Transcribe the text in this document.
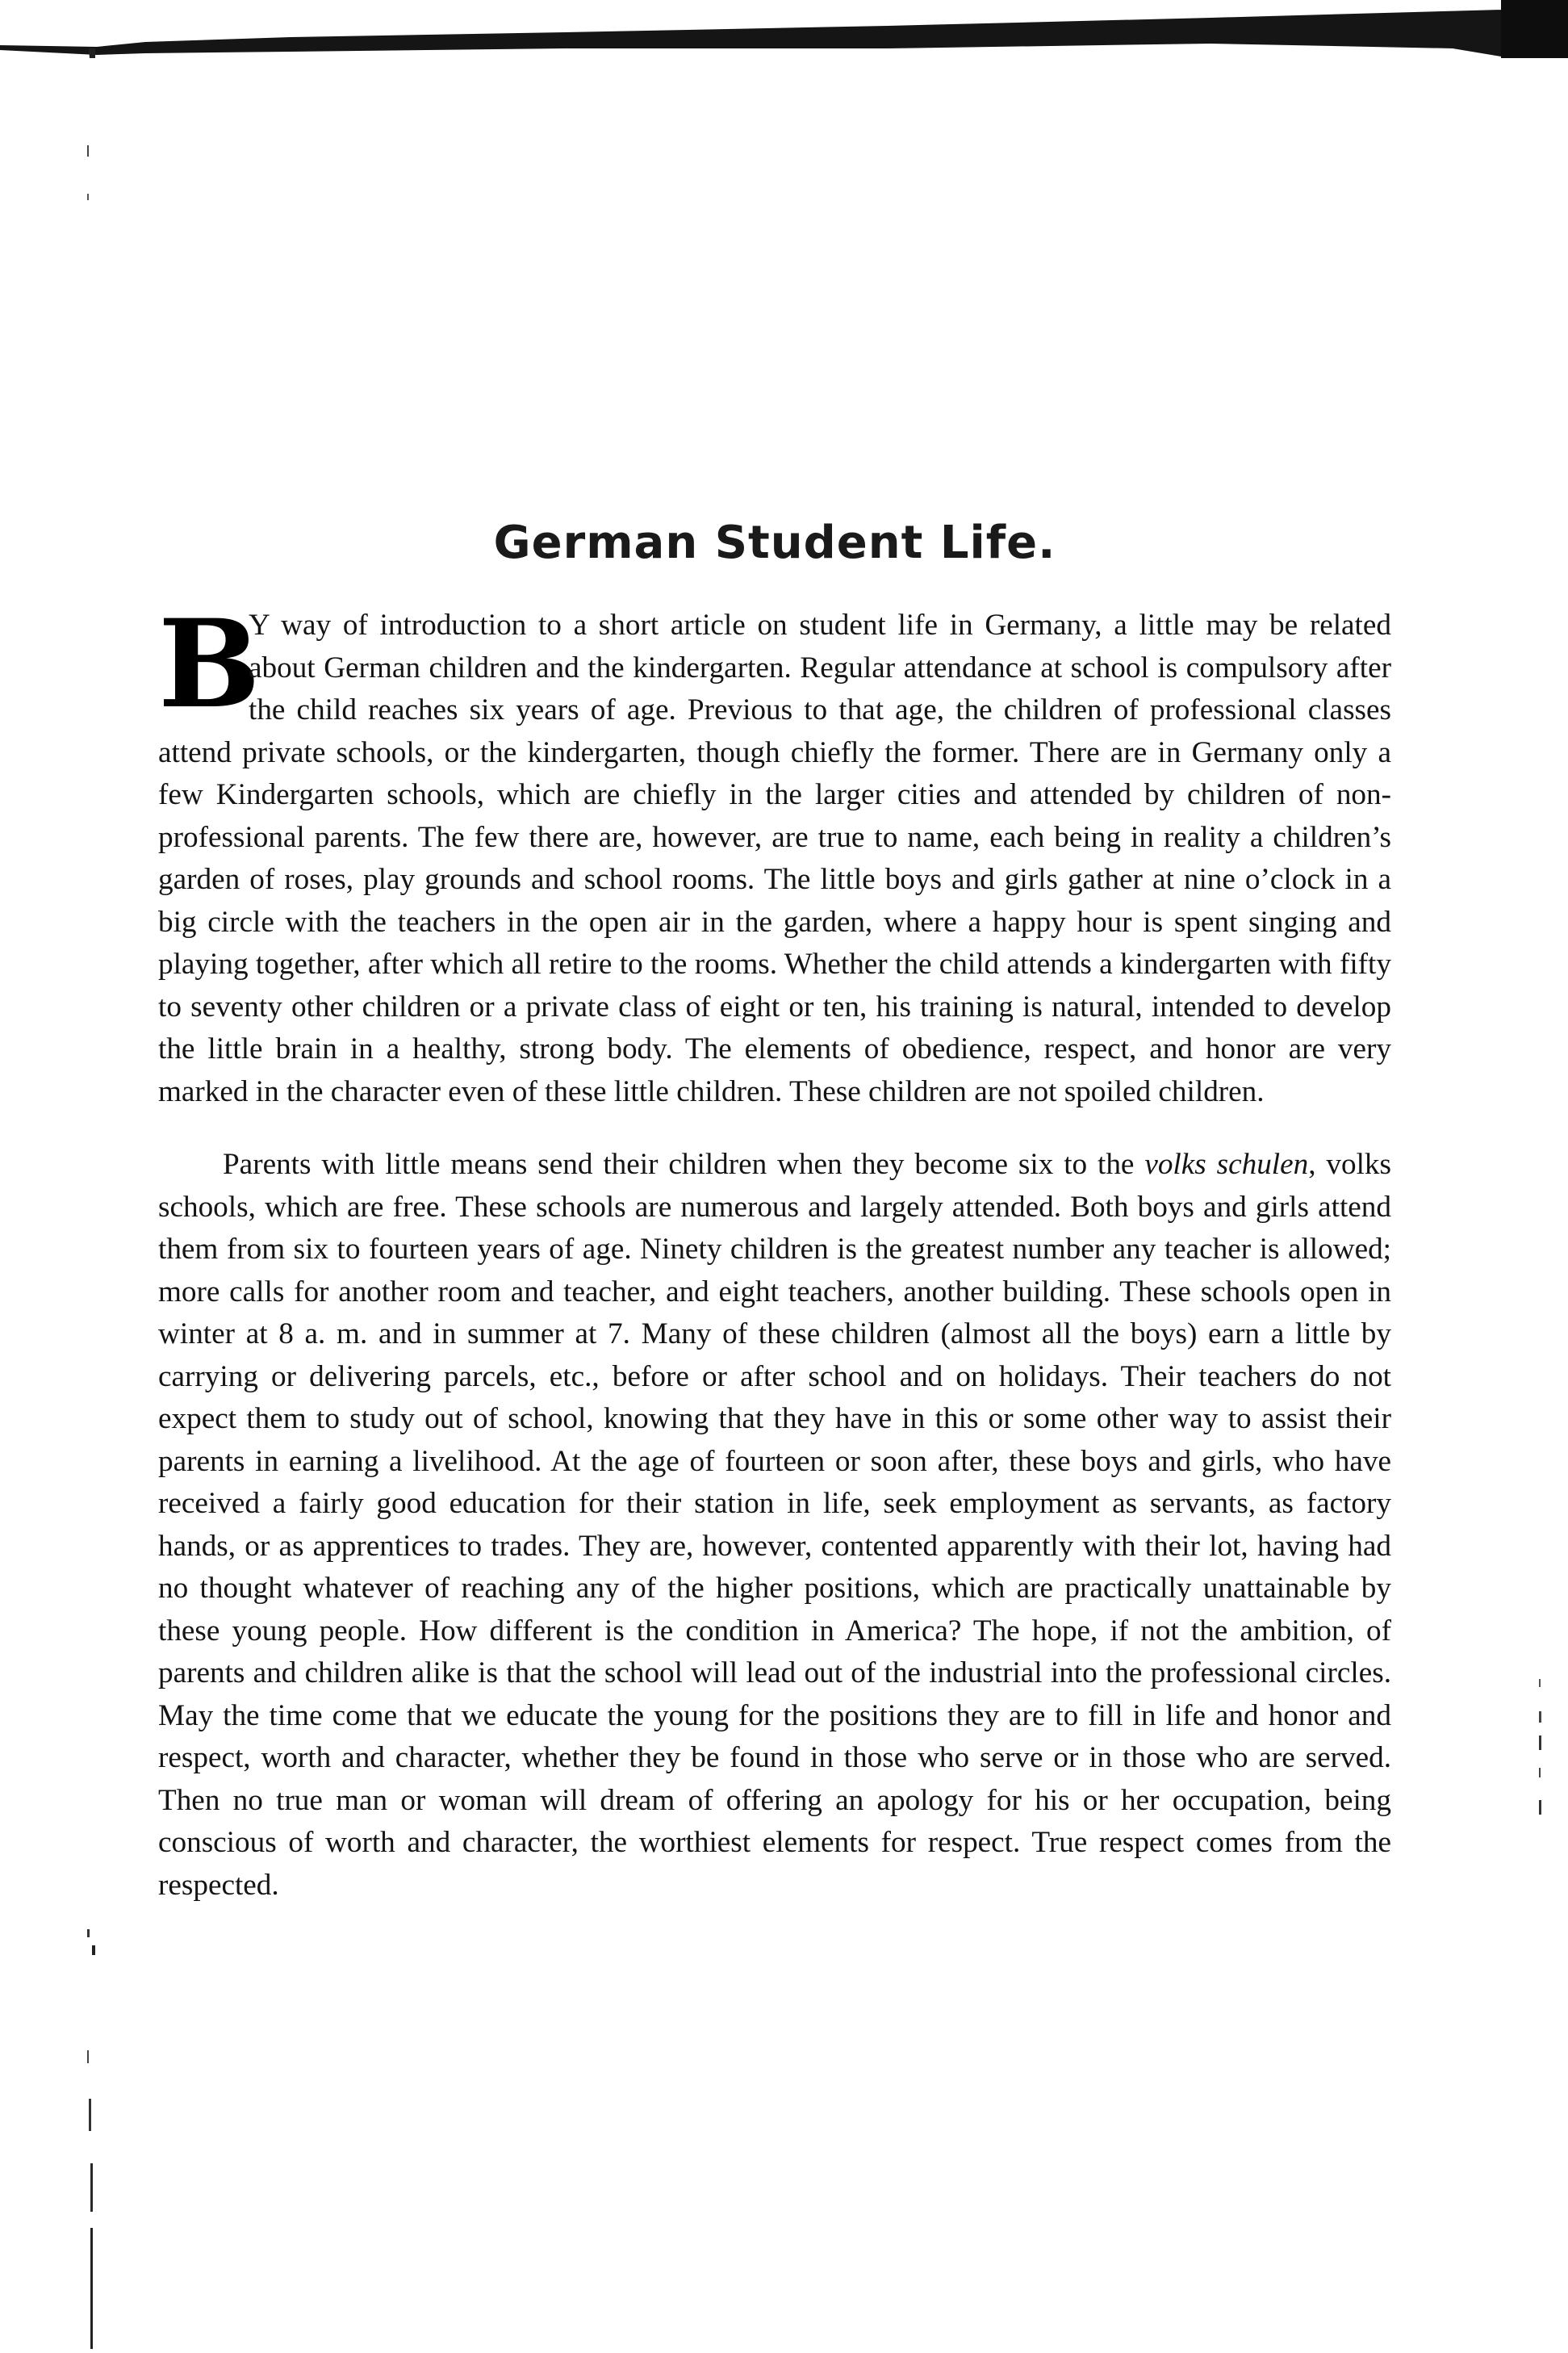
German Student Life.

B
Y way of introduction to a short article on student life in Germany, a little may be related about German children and the kindergarten. Regular attendance at school is compulsory after the child reaches six years of age. Previous to that age, the children of professional classes attend private schools, or the kindergarten, though chiefly the former. There are in Germany only a few Kindergarten schools, which are chiefly in the larger cities and attended by children of non-professional parents. The few there are, however, are true to name, each being in reality a children’s garden of roses, play grounds and school rooms. The little boys and girls gather at nine o’clock in a big circle with the teachers in the open air in the garden, where a happy hour is spent singing and playing together, after which all retire to the rooms. Whether the child attends a kindergarten with fifty to seventy other children or a private class of eight or ten, his training is natural, intended to develop the little brain in a healthy, strong body. The elements of obedience, respect, and honor are very marked in the character even of these little children. These children are not spoiled children.

Parents with little means send their children when they become six to the volks schulen, volks schools, which are free. These schools are numerous and largely attended. Both boys and girls attend them from six to fourteen years of age. Ninety children is the greatest number any teacher is allowed; more calls for another room and teacher, and eight teachers, another building. These schools open in winter at 8 a. m. and in summer at 7. Many of these children (almost all the boys) earn a little by carrying or delivering parcels, etc., before or after school and on holidays. Their teachers do not expect them to study out of school, knowing that they have in this or some other way to assist their parents in earning a livelihood. At the age of fourteen or soon after, these boys and girls, who have received a fairly good education for their station in life, seek employment as servants, as factory hands, or as apprentices to trades. They are, however, contented apparently with their lot, having had no thought whatever of reaching any of the higher positions, which are practically unattainable by these young people. How different is the condition in America? The hope, if not the ambition, of parents and children alike is that the school will lead out of the industrial into the professional circles. May the time come that we educate the young for the positions they are to fill in life and honor and respect, worth and character, whether they be found in those who serve or in those who are served. Then no true man or woman will dream of offering an apology for his or her occupation, being conscious of worth and character, the worthiest elements for respect. True respect comes from the respected.
